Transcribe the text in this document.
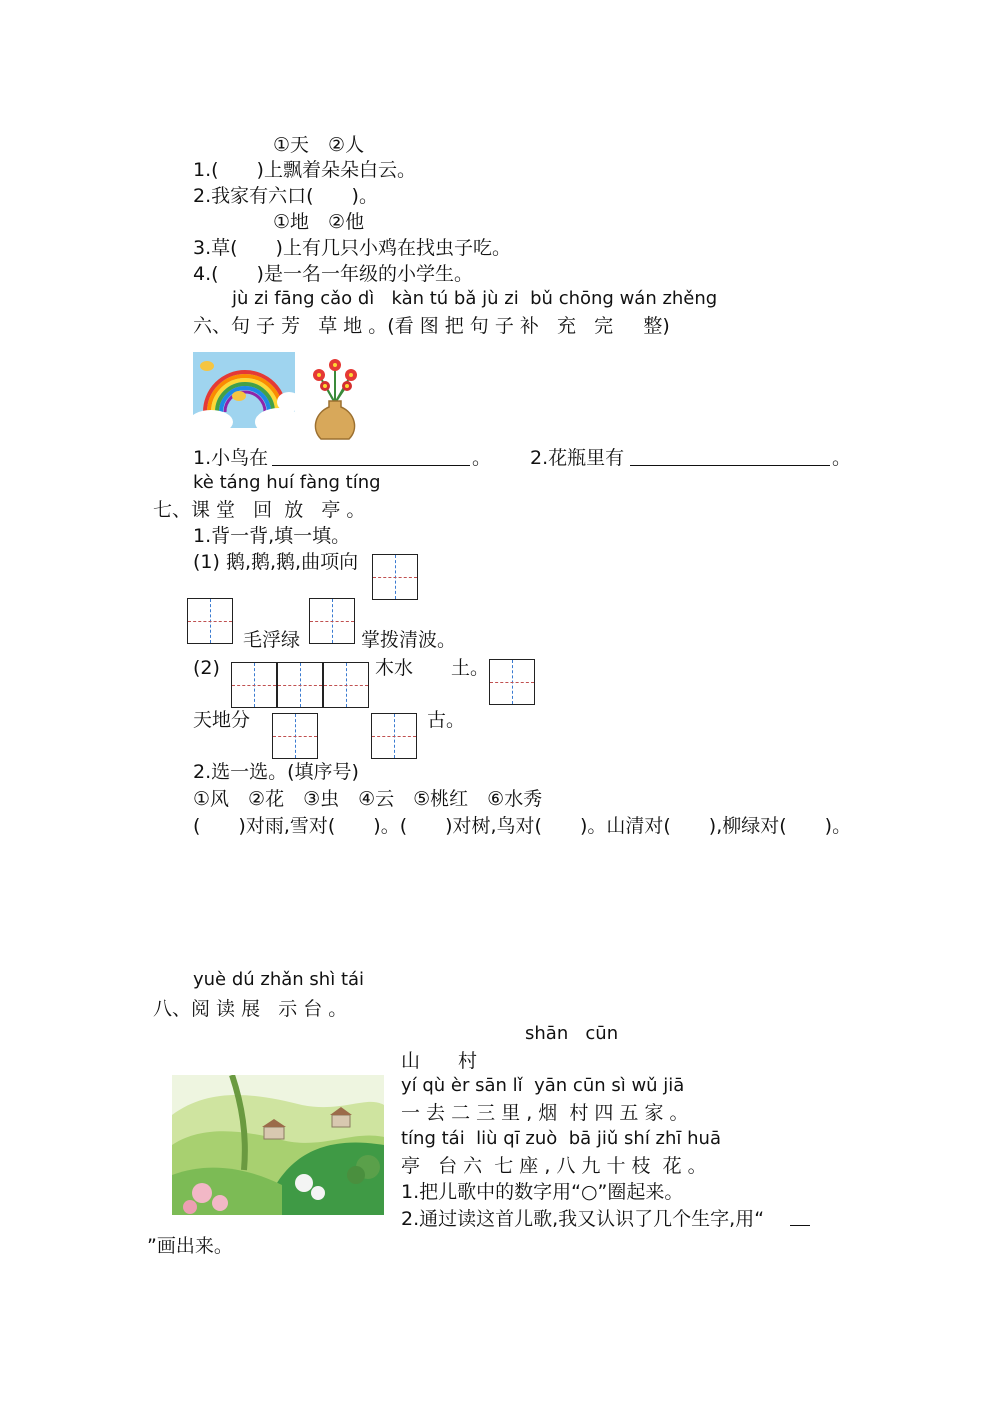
①天　②人
1.(　　)上飘着朵朵白云。
2.我家有六口(　　)。
①地　②他
3.草(　　)上有几只小鸡在找虫子吃。
4.(　　)是一名一年级的小学生。
jù zi fāng cǎo dì   kàn tú bǎ jù zi  bǔ chōng wán zhěng
六、句 子 芳   草 地 。(看 图 把 句 子 补   充   完     整)
1.小鸟在	。 2.花瓶里有	。
kè táng huí fàng tíng
七、课 堂   回  放   亭 。
1.背一背,填一填。
(1) 鹅,鹅,鹅,曲项向
毛浮绿	掌拨清波。
(2)	木水　　土。
天地分	古。
2.选一选。(填序号)
①风　②花　③虫　④云　⑤桃红　⑥水秀
(　　)对雨,雪对(　　)。(　　)对树,鸟对(　　)。山清对(　　),柳绿对(　　)。
yuè dú zhǎn shì tái
八、阅 读 展   示 台 。
shān   cūn
山　　村
yí qù èr sān lǐ  yān cūn sì wǔ jiā
一 去 二 三 里 , 烟  村 四 五 家 。
tíng tái  liù qī zuò  bā jiǔ shí zhī huā
亭   台 六  七 座 , 八 九 十 枝  花 。
1.把儿歌中的数字用“○”圈起来。
2.通过读这首儿歌,我又认识了几个生字,用“
”画出来。
